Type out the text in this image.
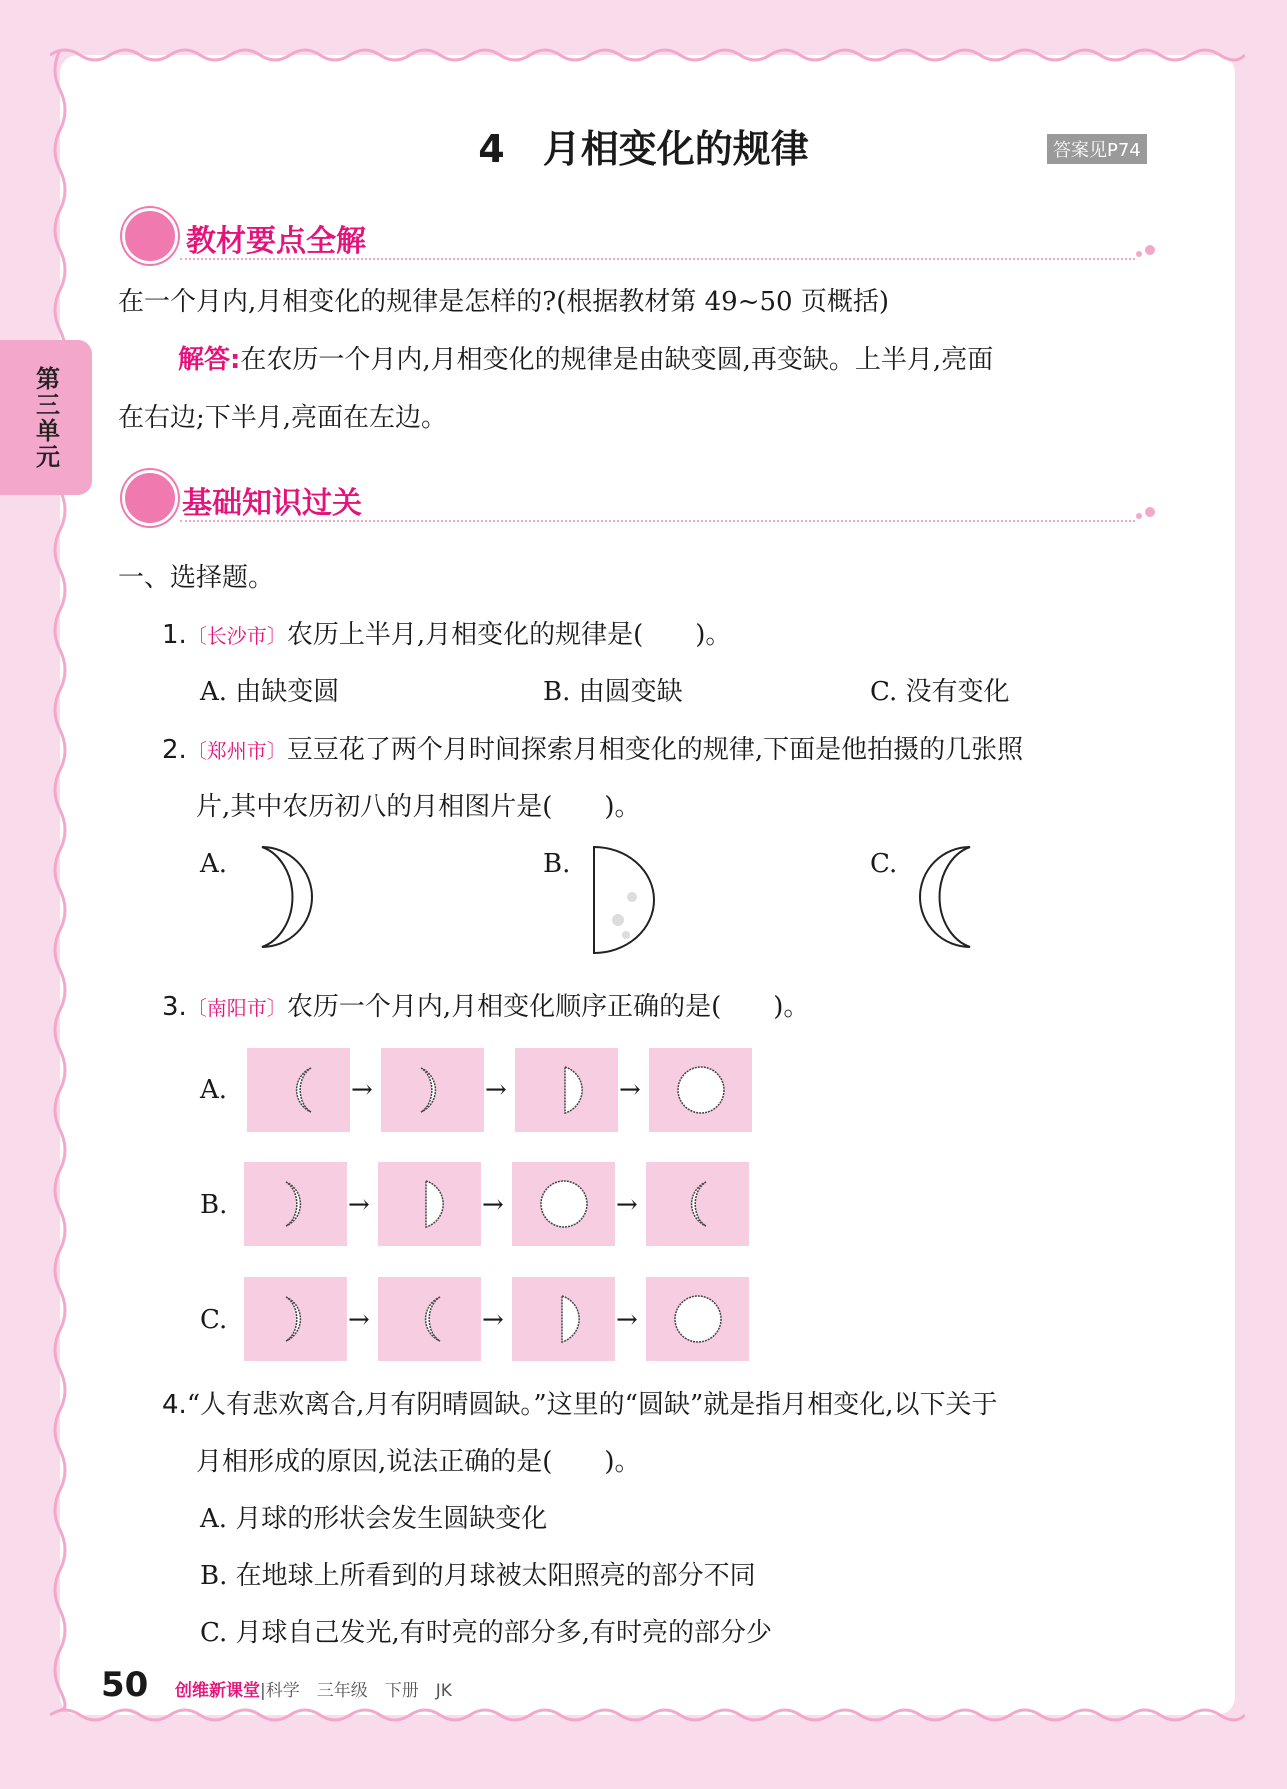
第三单元
4　月相变化的规律	答案见P74
教材要点全解
在一个月内,月相变化的规律是怎样的?(根据教材第 49~50 页概括)
解答:在农历一个月内,月相变化的规律是由缺变圆,再变缺。上半月,亮面
在右边;下半月,亮面在左边。
基础知识过关
一、选择题。
1.〔长沙市〕农历上半月,月相变化的规律是(　　)。
A. 由缺变圆	B. 由圆变缺	C. 没有变化
2.〔郑州市〕豆豆花了两个月时间探索月相变化的规律,下面是他拍摄的几张照
片,其中农历初八的月相图片是(　　)。
A.	B.	C.
3.〔南阳市〕农历一个月内,月相变化顺序正确的是(　　)。
A.	→	→	→
B.	→	→	→
C.	→	→	→
4.“人有悲欢离合,月有阴晴圆缺。”这里的“圆缺”就是指月相变化,以下关于
月相形成的原因,说法正确的是(　　)。
A. 月球的形状会发生圆缺变化
B. 在地球上所看到的月球被太阳照亮的部分不同
C. 月球自己发光,有时亮的部分多,有时亮的部分少
50 创维新课堂|科学　三年级　下册　JK
